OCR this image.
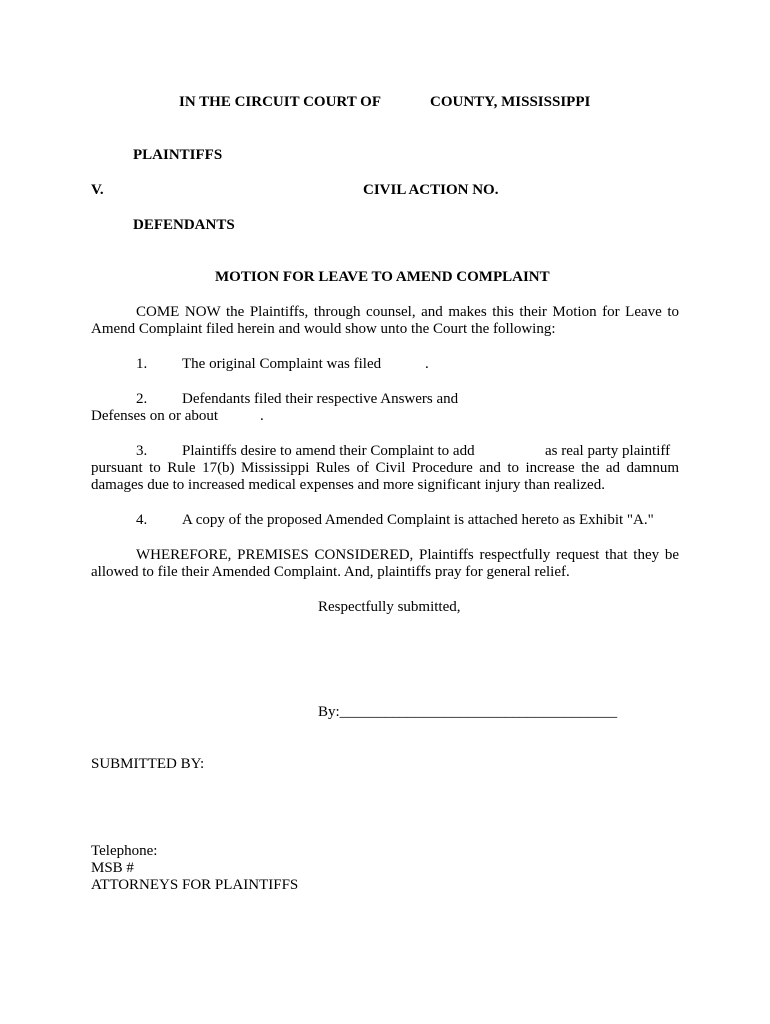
IN THE CIRCUIT COURT OF	COUNTY, MISSISSIPPI
PLAINTIFFS
V.	CIVIL ACTION NO.
DEFENDANTS
MOTION FOR LEAVE TO AMEND COMPLAINT
COME NOW the Plaintiffs, through counsel, and makes this their Motion for Leave to
Amend Complaint filed herein and would show unto the Court the following:
1. The original Complaint was filed	.
2. Defendants filed their respective Answers and
Defenses on or about	.
3. Plaintiffs desire to amend their Complaint to add	as real party plaintiff
pursuant to Rule 17(b) Mississippi Rules of Civil Procedure and to increase the ad damnum
damages due to increased medical expenses and more significant injury than realized.
4. A copy of the proposed Amended Complaint is attached hereto as Exhibit "A."
WHEREFORE, PREMISES CONSIDERED, Plaintiffs respectfully request that they be
allowed to file their Amended Complaint. And, plaintiffs pray for general relief.
Respectfully submitted,
By:_____________________________________
SUBMITTED BY:
Telephone:
MSB #
ATTORNEYS FOR PLAINTIFFS
